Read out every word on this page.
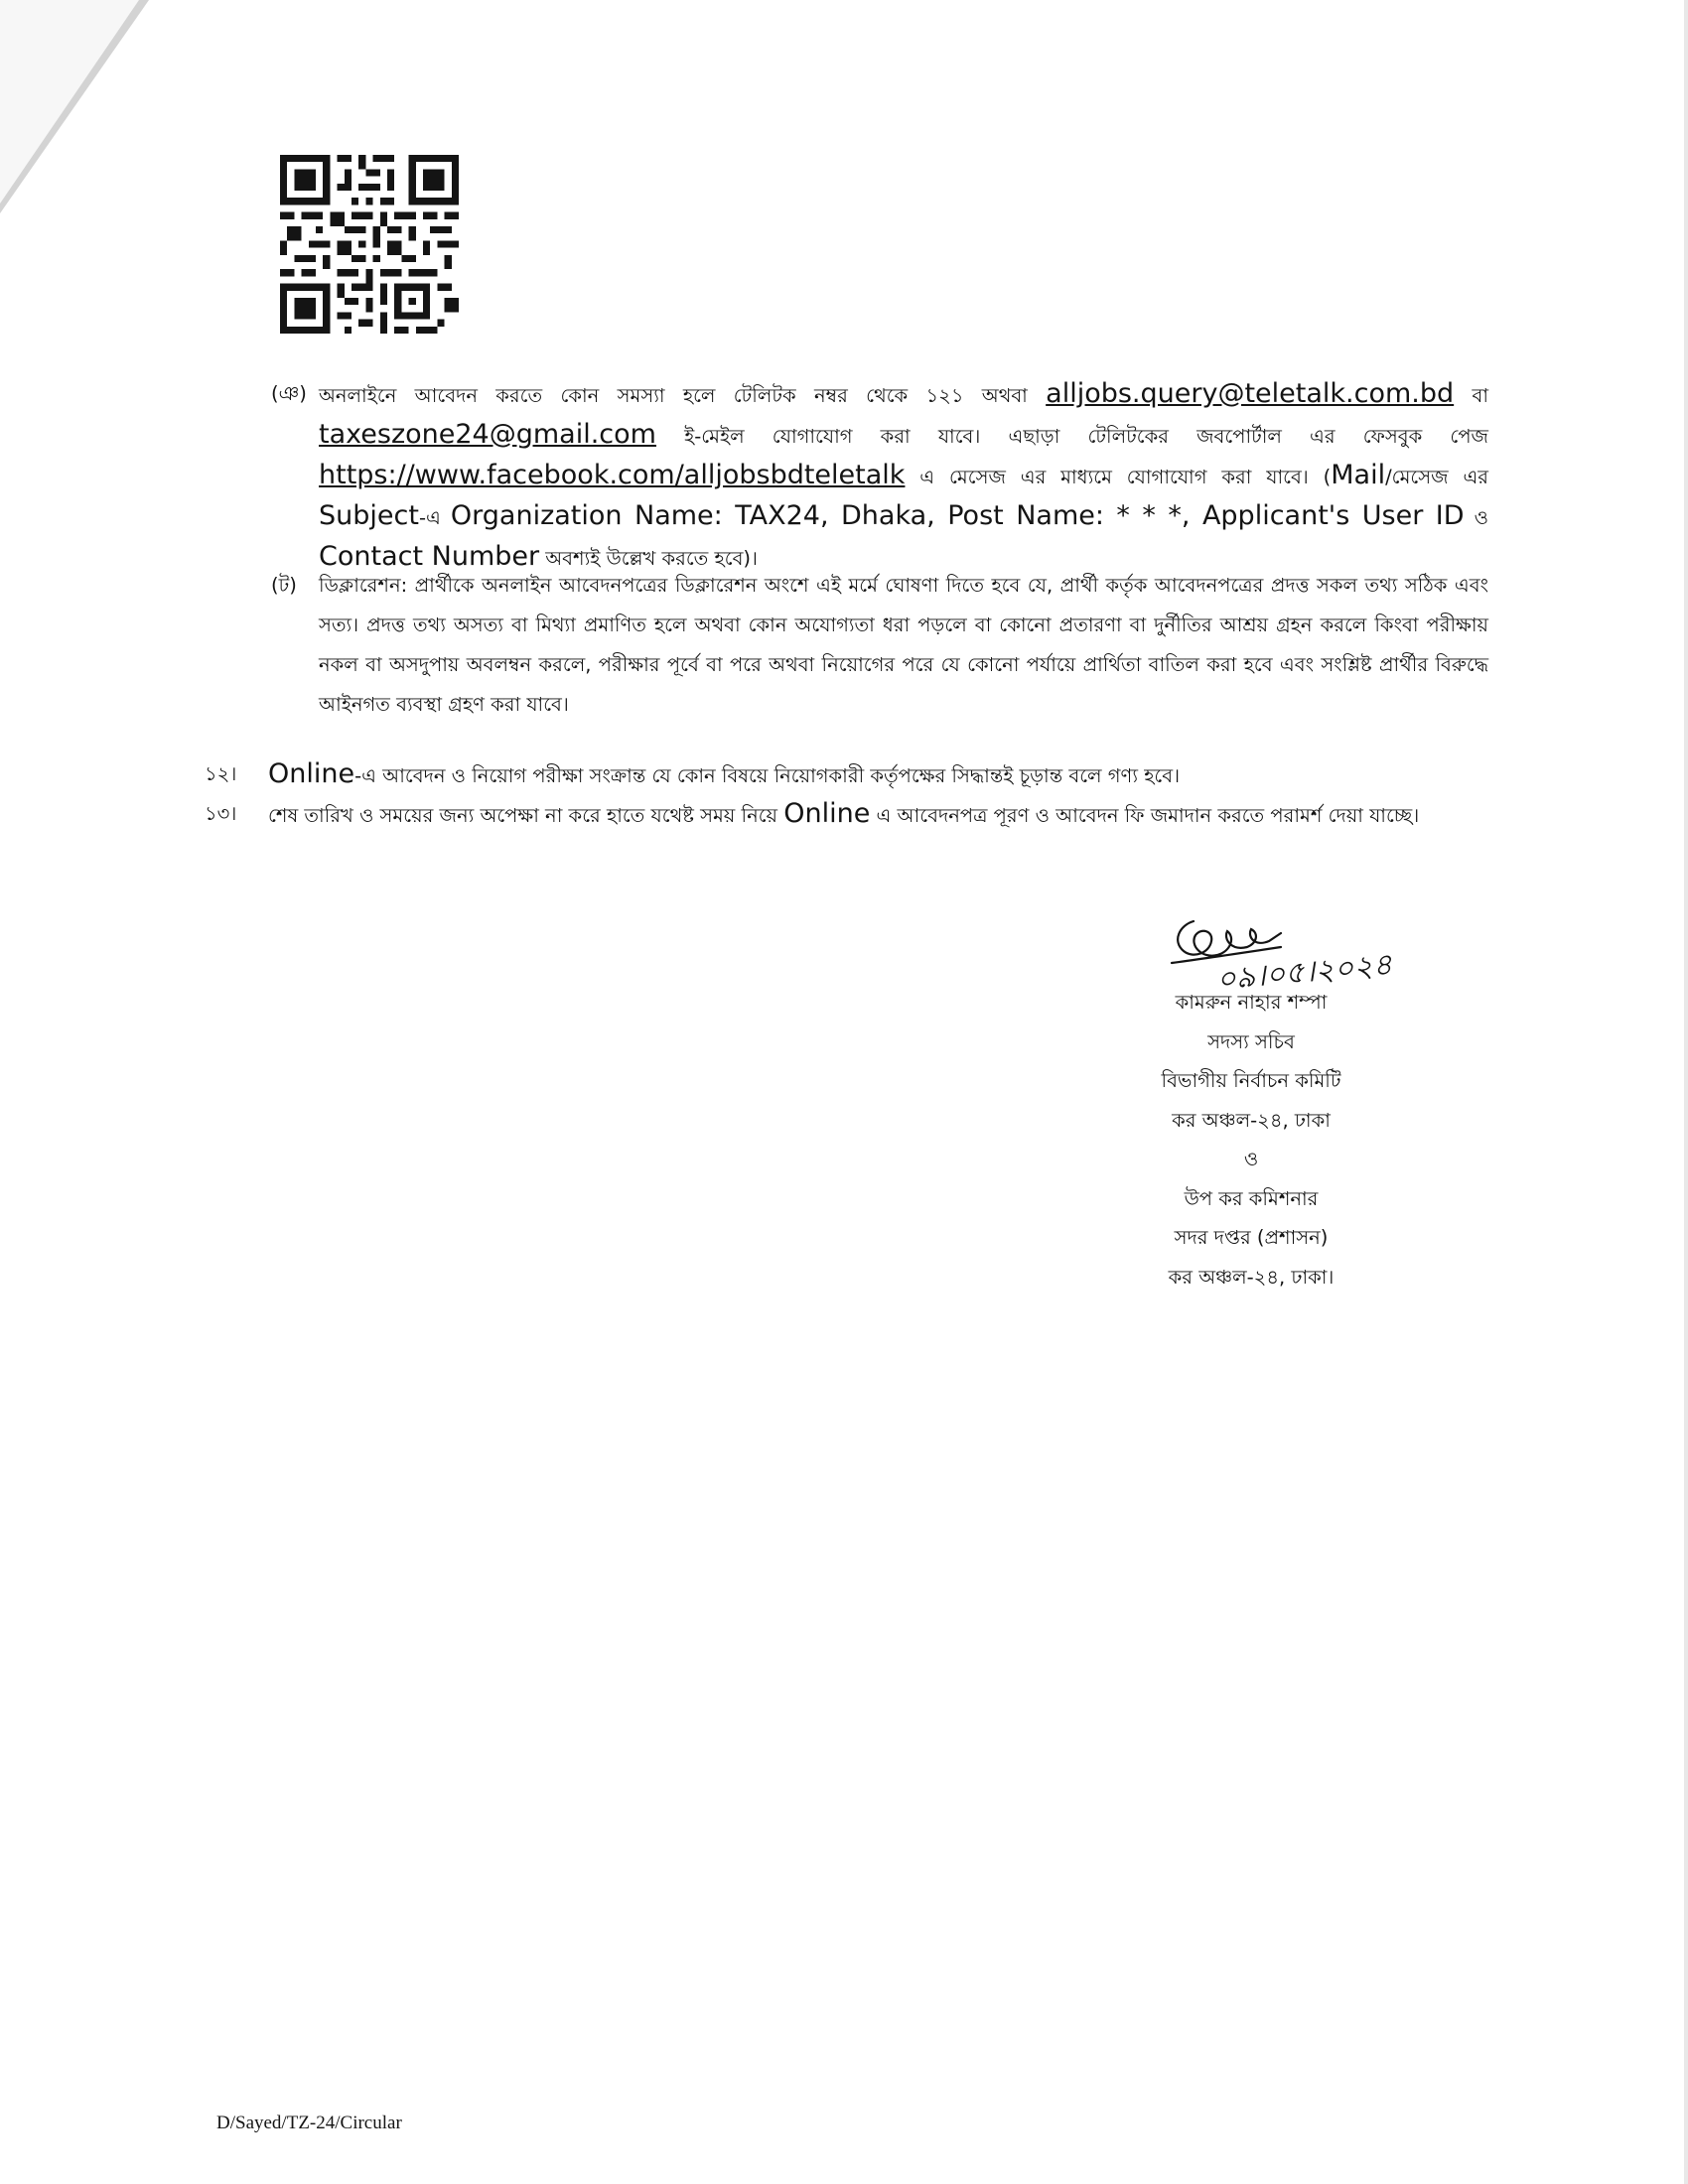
(ঞ) অনলাইনে আবেদন করতে কোন সমস্যা হলে টেলিটক নম্বর থেকে ১২১ অথবা alljobs.query@teletalk.com.bd বা taxeszone24@gmail.com ই-মেইল যোগাযোগ করা যাবে। এছাড়া টেলিটকের জবপোর্টাল এর ফেসবুক পেজ https://www.facebook.com/alljobsbdteletalk এ মেসেজ এর মাধ্যমে যোগাযোগ করা যাবে। (Mail/মেসেজ এর Subject-এ Organization Name: TAX24, Dhaka, Post Name: * * *, Applicant's User ID ও Contact Number অবশ্যই উল্লেখ করতে হবে)।
(ট) ডিক্লারেশন: প্রার্থীকে অনলাইন আবেদনপত্রের ডিক্লারেশন অংশে এই মর্মে ঘোষণা দিতে হবে যে, প্রার্থী কর্তৃক আবেদনপত্রের প্রদত্ত সকল তথ্য সঠিক এবং সত্য। প্রদত্ত তথ্য অসত্য বা মিথ্যা প্রমাণিত হলে অথবা কোন অযোগ্যতা ধরা পড়লে বা কোনো প্রতারণা বা দুর্নীতির আশ্রয় গ্রহন করলে কিংবা পরীক্ষায় নকল বা অসদুপায় অবলম্বন করলে, পরীক্ষার পূর্বে বা পরে অথবা নিয়োগের পরে যে কোনো পর্যায়ে প্রার্থিতা বাতিল করা হবে এবং সংশ্লিষ্ট প্রার্থীর বিরুদ্ধে আইনগত ব্যবস্থা গ্রহণ করা যাবে।
১২। Online-এ আবেদন ও নিয়োগ পরীক্ষা সংক্রান্ত যে কোন বিষয়ে নিয়োগকারী কর্তৃপক্ষের সিদ্ধান্তই চূড়ান্ত বলে গণ্য হবে।
১৩। শেষ তারিখ ও সময়ের জন্য অপেক্ষা না করে হাতে যথেষ্ট সময় নিয়ে Online এ আবেদনপত্র পূরণ ও আবেদন ফি জমাদান করতে পরামর্শ দেয়া যাচ্ছে।
০৯।০৫।২০২৪
কামরুন নাহার শম্পা
সদস্য সচিব
বিভাগীয় নির্বাচন কমিটি
কর অঞ্চল-২৪, ঢাকা
ও
উপ কর কমিশনার
সদর দপ্তর (প্রশাসন)
কর অঞ্চল-২৪, ঢাকা।
D/Sayed/TZ-24/Circular
